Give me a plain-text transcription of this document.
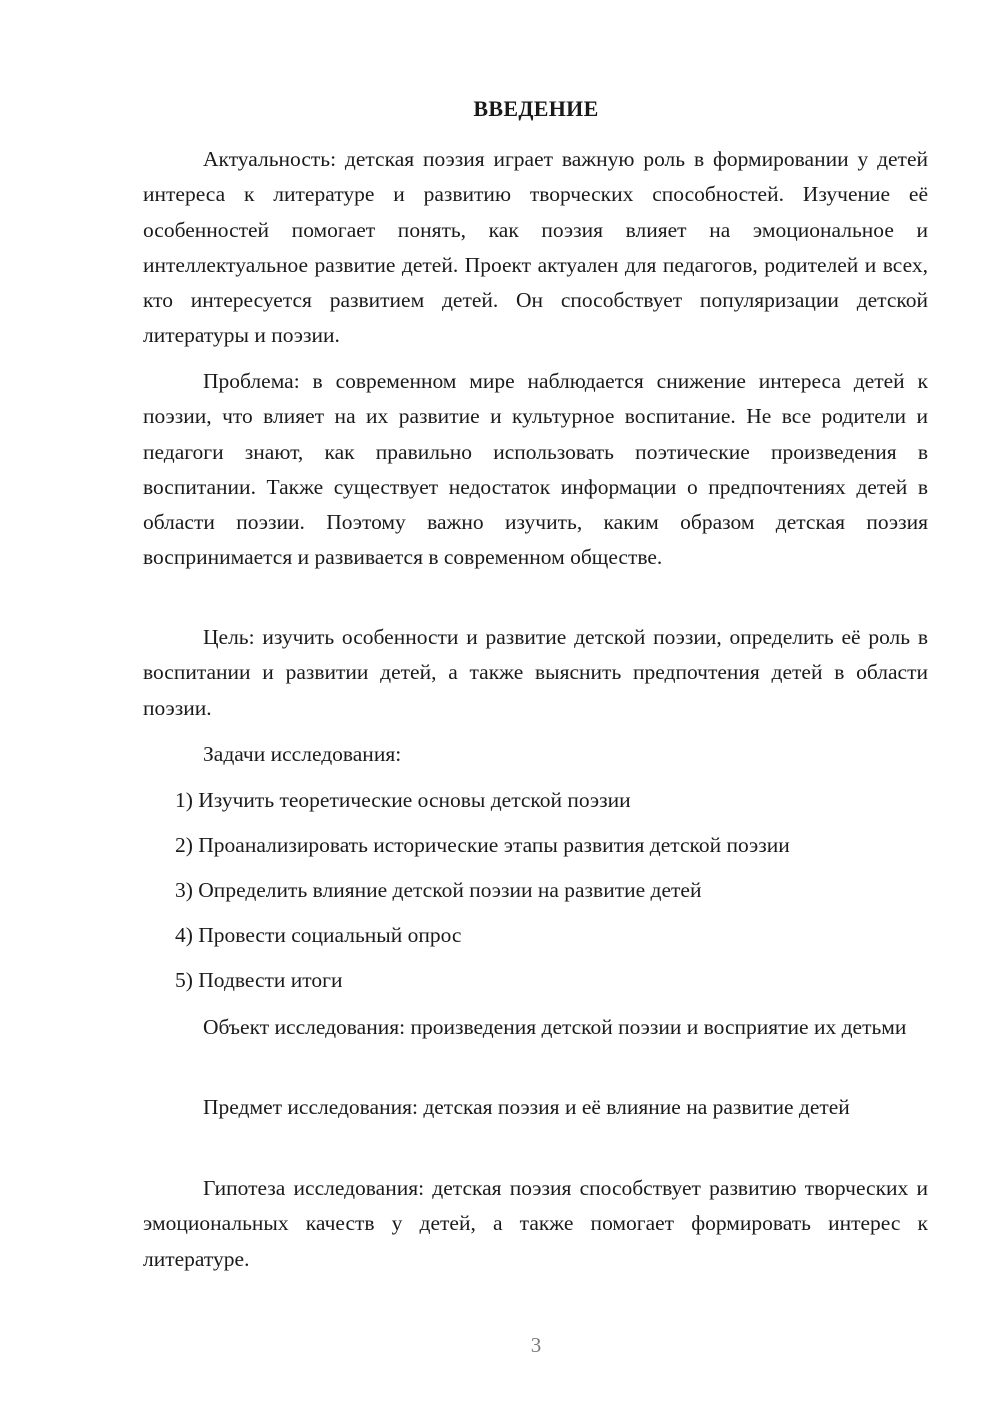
ВВЕДЕНИЕ

Актуальность: детская поэзия играет важную роль в формировании у детей интереса к литературе и развитию творческих способностей. Изучение её особенностей помогает понять, как поэзия влияет на эмоциональное и интеллектуальное развитие детей. Проект актуален для педагогов, родителей и всех, кто интересуется развитием детей. Он способствует популяризации детской литературы и поэзии.

Проблема: в современном мире наблюдается снижение интереса детей к поэзии, что влияет на их развитие и культурное воспитание. Не все родители и педагоги знают, как правильно использовать поэтические произведения в воспитании. Также существует недостаток информации о предпочтениях детей в области поэзии. Поэтому важно изучить, каким образом детская поэзия воспринимается и развивается в современном обществе.

Цель: изучить особенности и развитие детской поэзии, определить её роль в воспитании и развитии детей, а также выяснить предпочтения детей в области поэзии.

Задачи исследования:

1) Изучить теоретические основы детской поэзии
2) Проанализировать исторические этапы развития детской поэзии
3) Определить влияние детской поэзии на развитие детей
4) Провести социальный опрос
5) Подвести итоги

Объект исследования: произведения детской поэзии и восприятие их детьми

Предмет исследования: детская поэзия и её влияние на развитие детей

Гипотеза исследования: детская поэзия способствует развитию творческих и эмоциональных качеств у детей, а также помогает формировать интерес к литературе.

3
